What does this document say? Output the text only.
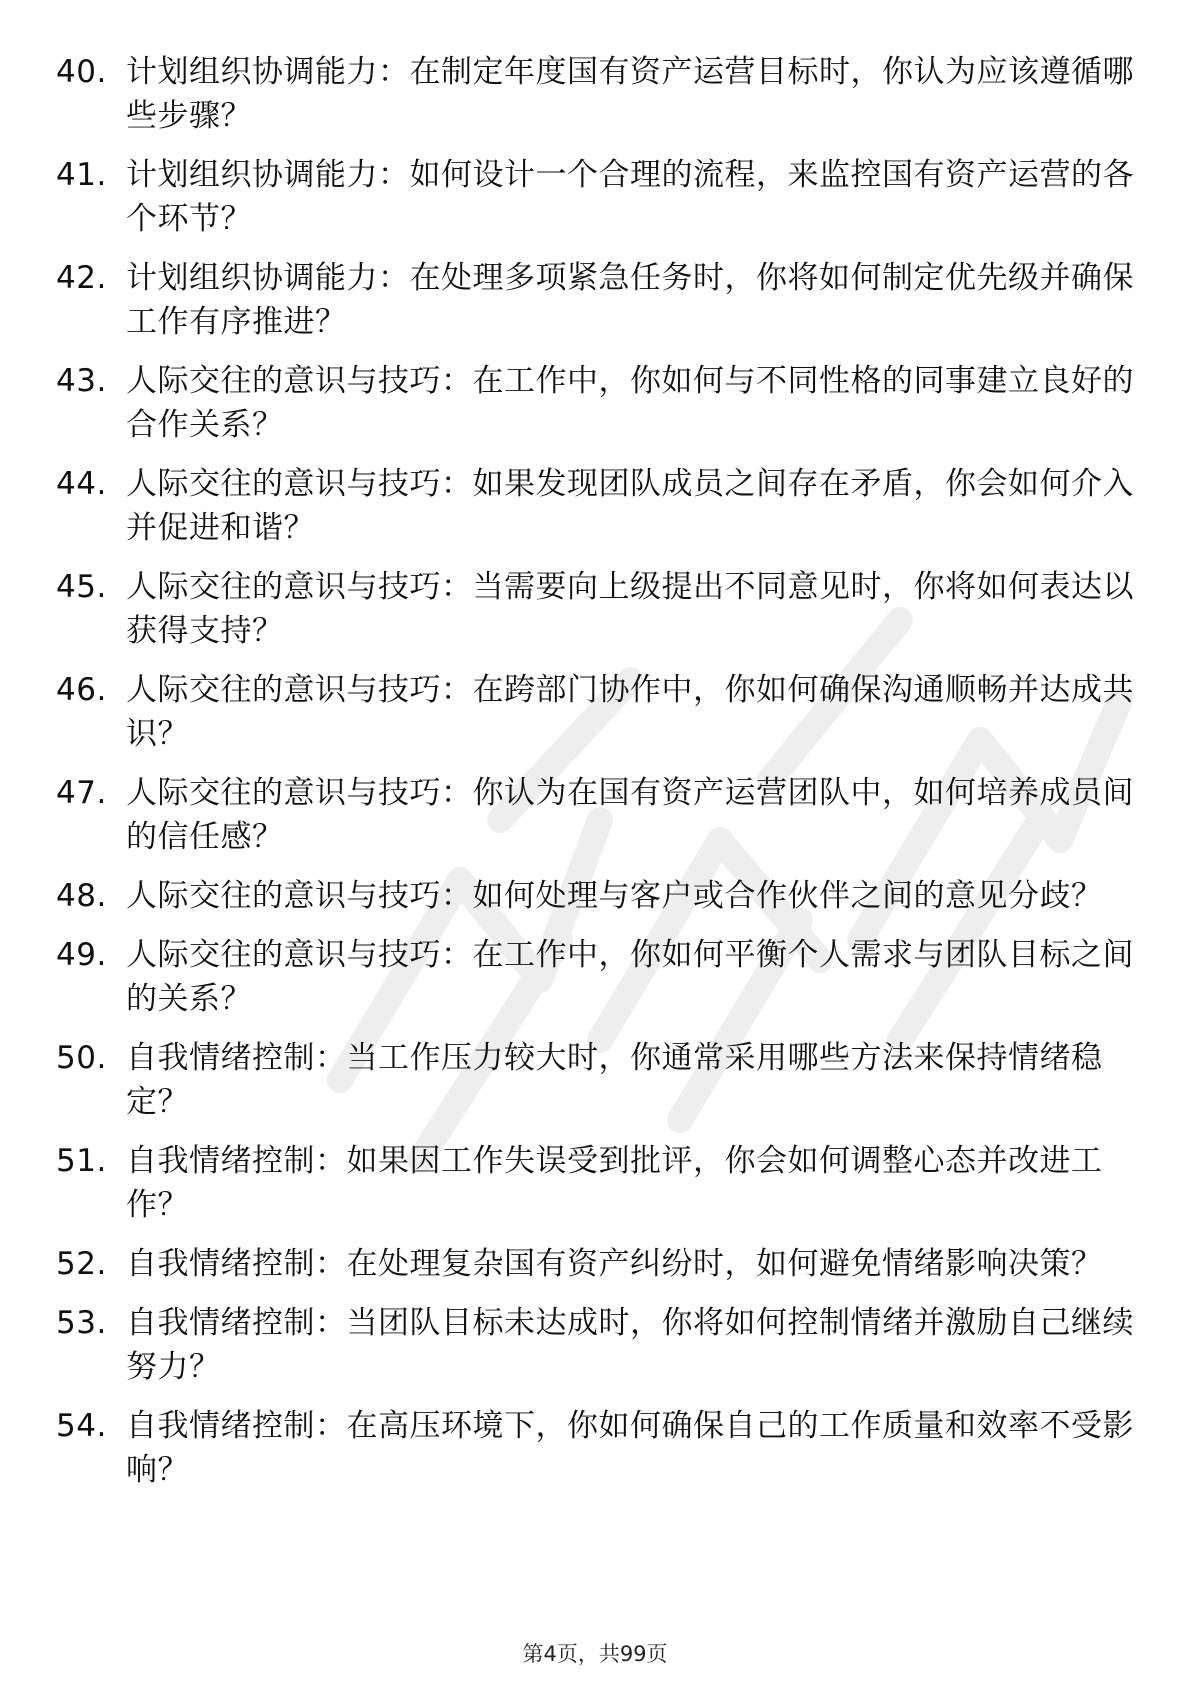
40. 计划组织协调能力：在制定年度国有资产运营目标时，你认为应该遵循哪些步骤？
41. 计划组织协调能力：如何设计一个合理的流程，来监控国有资产运营的各个环节？
42. 计划组织协调能力：在处理多项紧急任务时，你将如何制定优先级并确保工作有序推进？
43. 人际交往的意识与技巧：在工作中，你如何与不同性格的同事建立良好的合作关系？
44. 人际交往的意识与技巧：如果发现团队成员之间存在矛盾，你会如何介入并促进和谐？
45. 人际交往的意识与技巧：当需要向上级提出不同意见时，你将如何表达以获得支持？
46. 人际交往的意识与技巧：在跨部门协作中，你如何确保沟通顺畅并达成共识？
47. 人际交往的意识与技巧：你认为在国有资产运营团队中，如何培养成员间的信任感？
48. 人际交往的意识与技巧：如何处理与客户或合作伙伴之间的意见分歧？
49. 人际交往的意识与技巧：在工作中，你如何平衡个人需求与团队目标之间的关系？
50. 自我情绪控制：当工作压力较大时，你通常采用哪些方法来保持情绪稳定？
51. 自我情绪控制：如果因工作失误受到批评，你会如何调整心态并改进工作？
52. 自我情绪控制：在处理复杂国有资产纠纷时，如何避免情绪影响决策？
53. 自我情绪控制：当团队目标未达成时，你将如何控制情绪并激励自己继续努力？
54. 自我情绪控制：在高压环境下，你如何确保自己的工作质量和效率不受影响？
第4页，共99页
